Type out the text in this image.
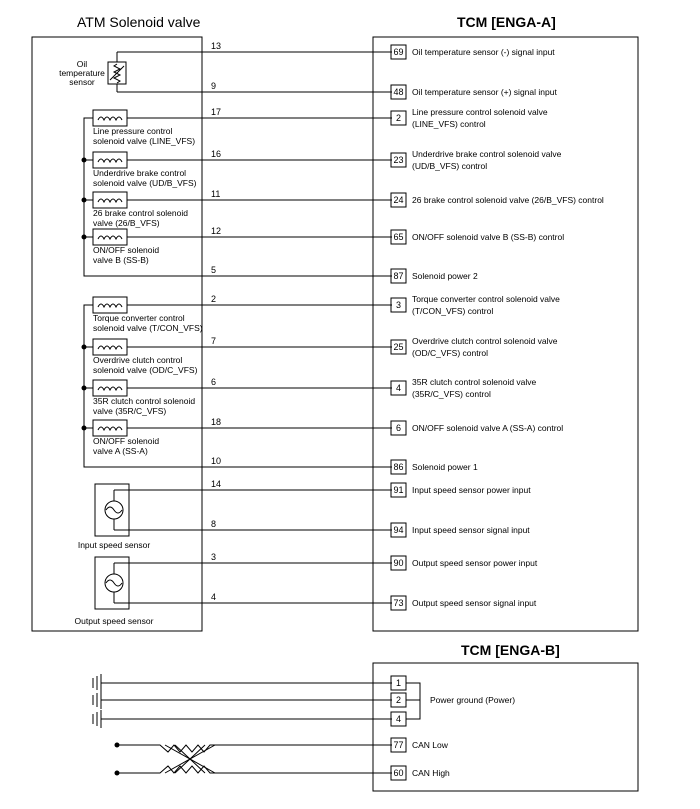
ATM Solenoid valve	TCM [ENGA-A]
TCM [ENGA-B]
Oil
temperature
sensor
Input speed sensor
Output speed sensor
Line pressure control
solenoid valve (LINE_VFS)
Underdrive brake control
solenoid valve (UD/B_VFS)
26 brake control solenoid
valve (26/B_VFS)
ON/OFF solenoid
valve B (SS-B)
Torque converter control
solenoid valve (T/CON_VFS)
Overdrive clutch control
solenoid valve (OD/C_VFS)
35R clutch control solenoid
valve (35R/C_VFS)
ON/OFF solenoid
valve A (SS-A)
13
69 Oil temperature sensor (-) signal input
9
48 Oil temperature sensor (+) signal input
17
2
Line pressure control solenoid valve
(LINE_VFS) control
16
23
Underdrive brake control solenoid valve
(UD/B_VFS) control
11
24 26 brake control solenoid valve (26/B_VFS) control
12
65 ON/OFF solenoid valve B (SS-B) control
5
87 Solenoid power 2
2
3
Torque converter control solenoid valve
(T/CON_VFS) control
7
25
Overdrive clutch control solenoid valve
(OD/C_VFS) control
6
4
35R clutch control solenoid valve
(35R/C_VFS) control
18
6 ON/OFF solenoid valve A (SS-A) control
10
86 Solenoid power 1
14
91 Input speed sensor power input
8
94 Input speed sensor signal input
3
90 Output speed sensor power input
4
73 Output speed sensor signal input
1
2
4
Power ground (Power)
77
60
CAN Low
CAN High
